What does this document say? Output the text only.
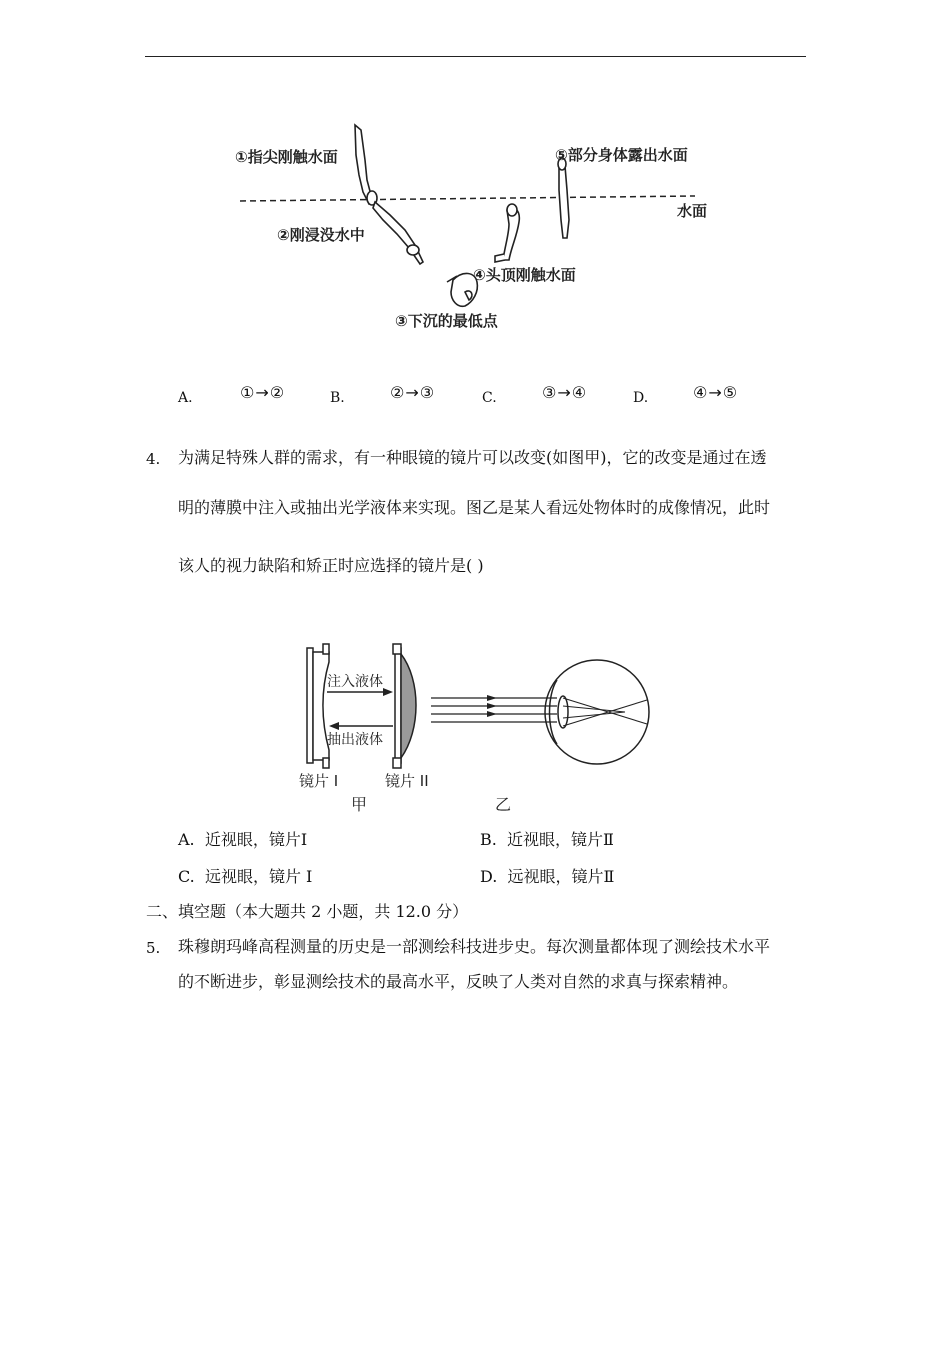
①指尖刚触水面
②刚浸没水中
③下沉的最低点
④头顶刚触水面
⑤部分身体露出水面
水面
A.	①→②	B.	②→③	C.	③→④	D.	④→⑤
4. 为满足特殊人群的需求，有一种眼镜的镜片可以改变(如图甲)，它的改变是通过在透
明的薄膜中注入或抽出光学液体来实现。图乙是某人看远处物体时的成像情况，此时
该人的视力缺陷和矫正时应选择的镜片是( )
注入液体
抽出液体
镜片 I	镜片 II
甲	乙
A. 近视眼，镜片Ⅰ	B. 近视眼，镜片Ⅱ
C. 远视眼，镜片 I	D. 远视眼，镜片Ⅱ
二、填空题（本大题共 2 小题，共 12.0 分）
5. 珠穆朗玛峰高程测量的历史是一部测绘科技进步史。每次测量都体现了测绘技术水平
的不断进步，彰显测绘技术的最高水平，反映了人类对自然的求真与探索精神。
